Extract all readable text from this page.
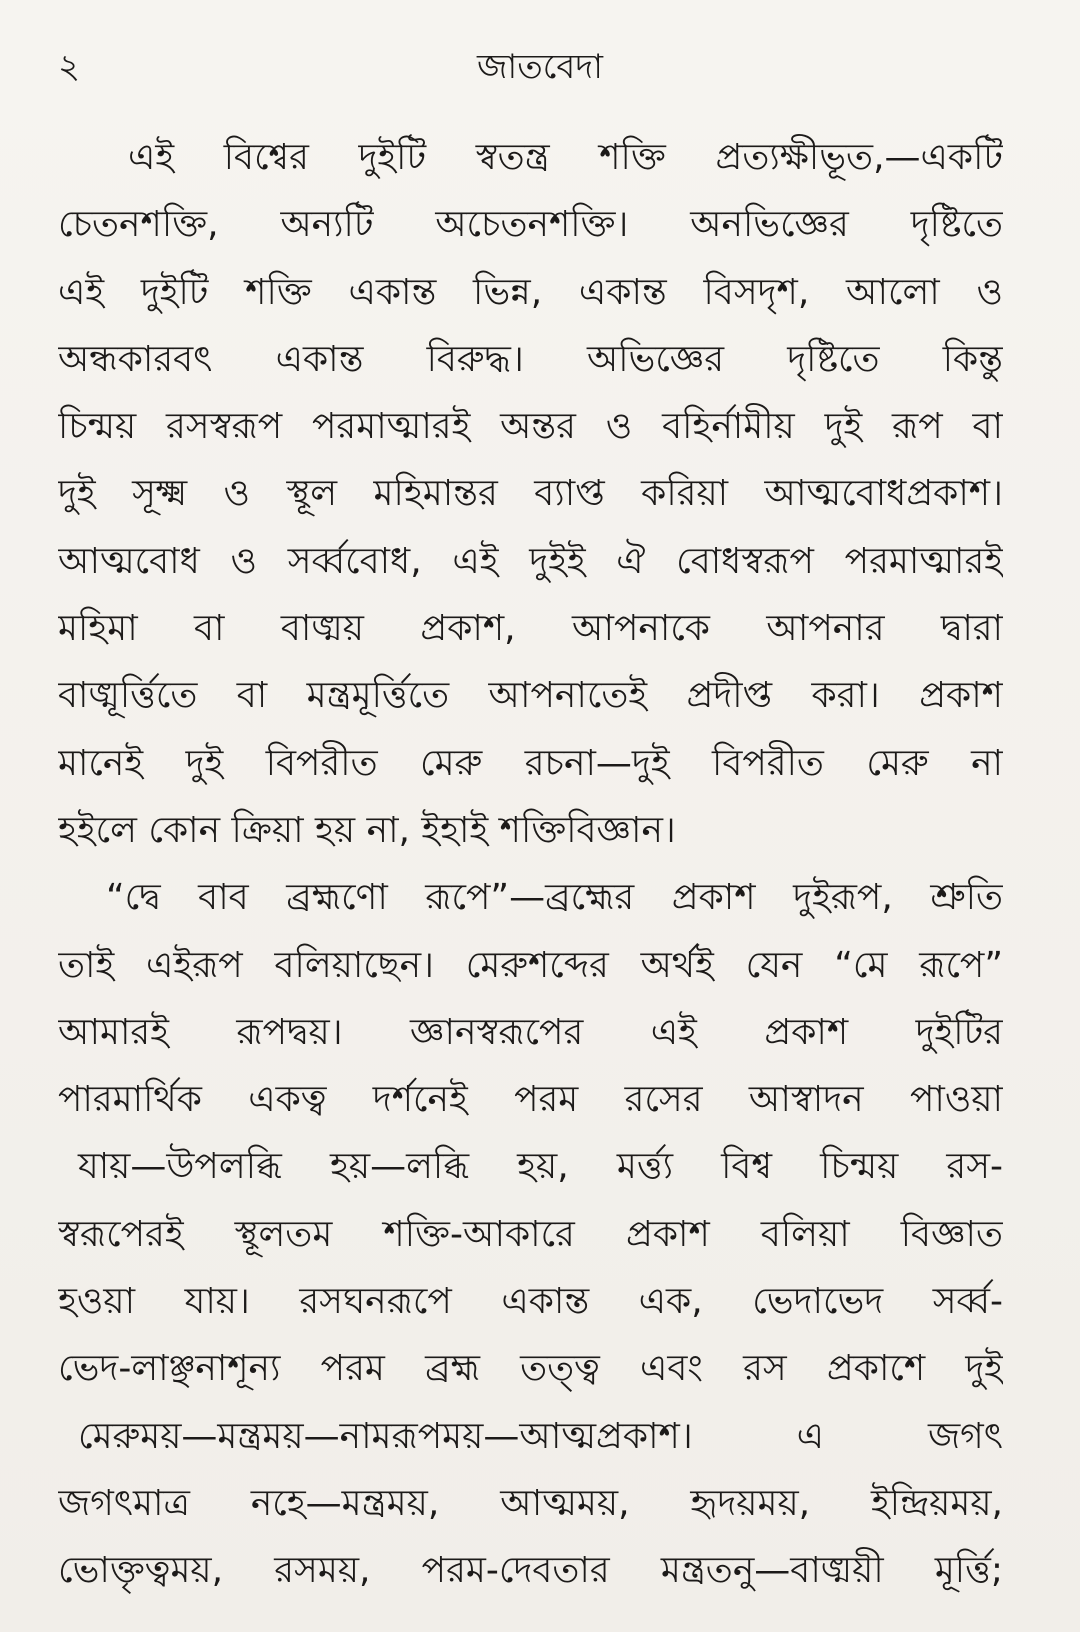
২	জাতবেদা
এই বিশ্বের দুইটি স্বতন্ত্র শক্তি প্রত্যক্ষীভূত,—একটি
চেতনশক্তি, অন্যটি অচেতনশক্তি। অনভিজ্ঞের দৃষ্টিতে
এই দুইটি শক্তি একান্ত ভিন্ন, একান্ত বিসদৃশ, আলো ও
অন্ধকারবৎ একান্ত বিরুদ্ধ। অভিজ্ঞের দৃষ্টিতে কিন্তু
চিন্ময় রসস্বরূপ পরমাত্মারই অন্তর ও বহির্নামীয় দুই রূপ বা
দুই সূক্ষ্ম ও স্থূল মহিমান্তর ব্যাপ্ত করিয়া আত্মবোধপ্রকাশ।
আত্মবোধ ও সর্ব্ববোধ, এই দুইই ঐ বোধস্বরূপ পরমাত্মারই
মহিমা বা বাঙ্ময় প্রকাশ, আপনাকে আপনার দ্বারা
বাঙ্মূর্ত্তিতে বা মন্ত্রমূর্ত্তিতে আপনাতেই প্রদীপ্ত করা। প্রকাশ
মানেই দুই বিপরীত মেরু রচনা—দুই বিপরীত মেরু না
হইলে কোন ক্রিয়া হয় না, ইহাই শক্তিবিজ্ঞান।
“দ্বে বাব ব্রহ্মণো রূপে”—ব্রহ্মের প্রকাশ দুইরূপ, শ্রুতি
তাই এইরূপ বলিয়াছেন। মেরুশব্দের অর্থই যেন “মে রূপে”
আমারই রূপদ্বয়। জ্ঞানস্বরূপের এই প্রকাশ দুইটির
পারমার্থিক একত্ব দর্শনেই পরম রসের আস্বাদন পাওয়া
যায়—উপলব্ধি হয়—লব্ধি হয়, মর্ত্ত্য বিশ্ব চিন্ময় রস-
স্বরূপেরই স্থূলতম শক্তি-আকারে প্রকাশ বলিয়া বিজ্ঞাত
হওয়া যায়। রসঘনরূপে একান্ত এক, ভেদাভেদ সর্ব্ব-
ভেদ-লাঞ্ছনাশূন্য পরম ব্রহ্ম তত্ত্ব এবং রস প্রকাশে দুই
মেরুময়—মন্ত্রময়—নামরূপময়—আত্মপ্রকাশ। এ জগৎ
জগৎমাত্র নহে—মন্ত্রময়, আত্মময়, হৃদয়ময়, ইন্দ্রিয়ময়,
ভোক্তৃত্বময়, রসময়, পরম-দেবতার মন্ত্রতনু—বাঙ্ময়ী মূর্ত্তি;
